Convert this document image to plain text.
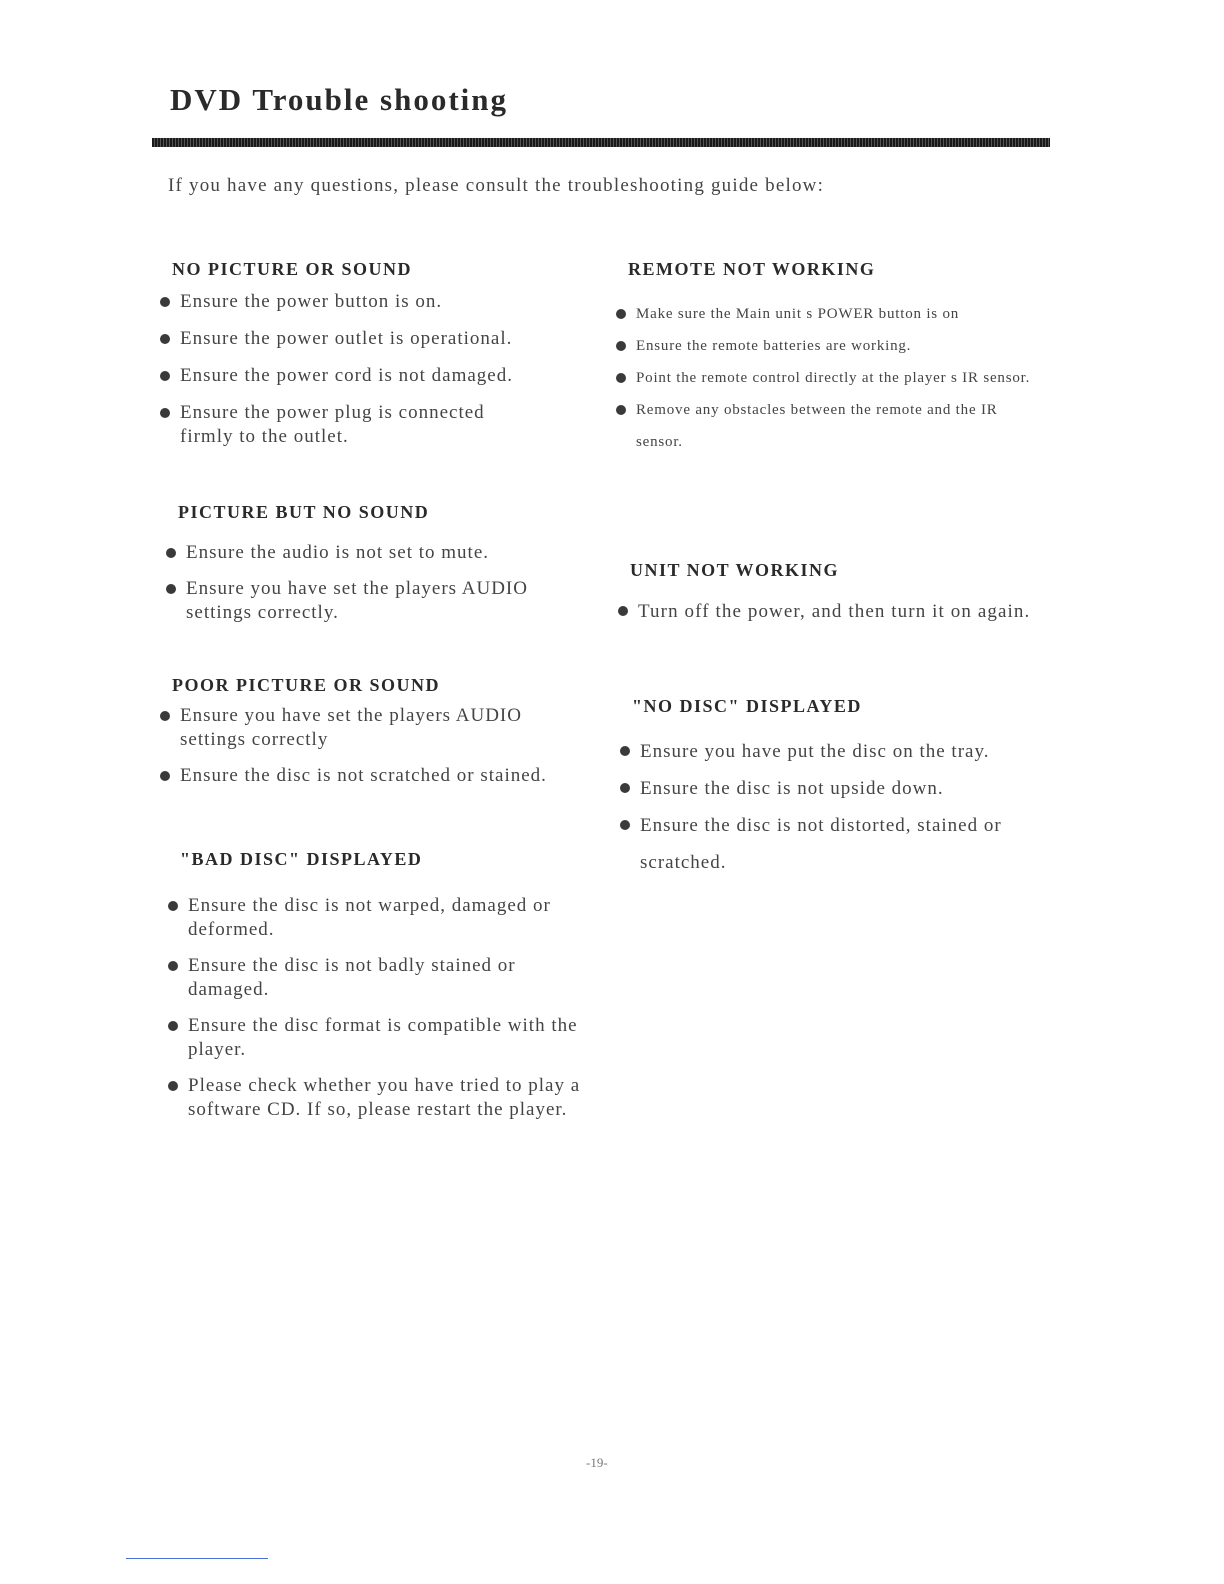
DVD Trouble shooting
If you have any questions, please consult the troubleshooting guide below:
NO PICTURE OR SOUND
Ensure the power button is on.
Ensure the power outlet is operational.
Ensure the power cord is not damaged.
Ensure the power plug is connected firmly to the outlet.
PICTURE BUT NO SOUND
Ensure the audio is not set to mute.
Ensure you have set the players AUDIO settings correctly.
POOR PICTURE OR SOUND
Ensure you have set the players AUDIO settings correctly
Ensure the disc is not scratched or stained.
"BAD DISC" DISPLAYED
Ensure the disc is not warped, damaged or deformed.
Ensure the disc is not badly stained or damaged.
Ensure the disc format is compatible with the player.
Please check whether you have tried to play a software CD. If so, please restart the player.
REMOTE NOT WORKING
Make sure the Main unit s POWER button is on
Ensure the remote batteries are working.
Point the remote control directly at the player s IR sensor.
Remove any obstacles between the remote and the IR sensor.
UNIT NOT WORKING
Turn off the power, and then turn it on again.
"NO DISC" DISPLAYED
Ensure you have put the disc on the tray.
Ensure the disc is not upside down.
Ensure the disc is not distorted, stained or scratched.
-19-
